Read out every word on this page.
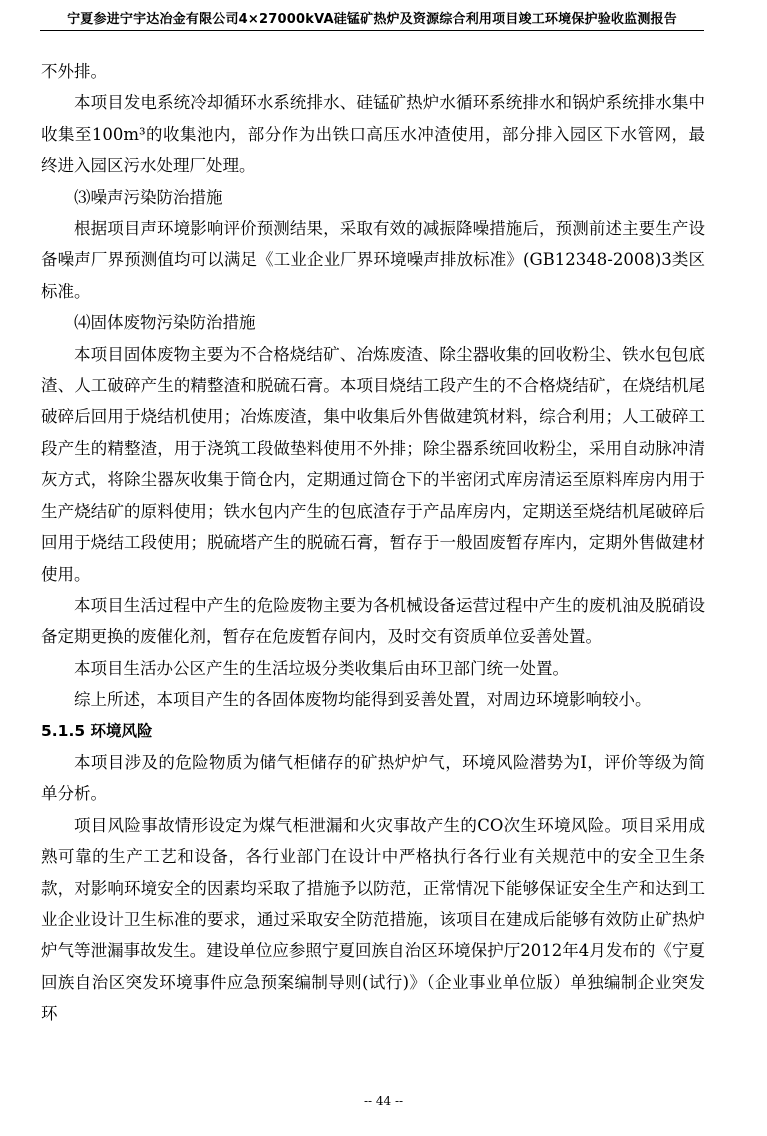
宁夏参进宁宇达冶金有限公司4×27000kVA硅锰矿热炉及资源综合利用项目竣工环境保护验收监测报告

不外排。

本项目发电系统冷却循环水系统排水、硅锰矿热炉水循环系统排水和锅炉系统排水集中收集至100m³的收集池内，部分作为出铁口高压水冲渣使用，部分排入园区下水管网，最终进入园区污水处理厂处理。

⑶噪声污染防治措施

根据项目声环境影响评价预测结果，采取有效的减振降噪措施后，预测前述主要生产设备噪声厂界预测值均可以满足《工业企业厂界环境噪声排放标准》(GB12348-2008)3类区标准。

⑷固体废物污染防治措施

本项目固体废物主要为不合格烧结矿、冶炼废渣、除尘器收集的回收粉尘、铁水包包底渣、人工破碎产生的精整渣和脱硫石膏。本项目烧结工段产生的不合格烧结矿，在烧结机尾破碎后回用于烧结机使用；冶炼废渣，集中收集后外售做建筑材料，综合利用；人工破碎工段产生的精整渣，用于浇筑工段做垫料使用不外排；除尘器系统回收粉尘，采用自动脉冲清灰方式，将除尘器灰收集于筒仓内，定期通过筒仓下的半密闭式库房清运至原料库房内用于生产烧结矿的原料使用；铁水包内产生的包底渣存于产品库房内，定期送至烧结机尾破碎后回用于烧结工段使用；脱硫塔产生的脱硫石膏，暂存于一般固废暂存库内，定期外售做建材使用。

本项目生活过程中产生的危险废物主要为各机械设备运营过程中产生的废机油及脱硝设备定期更换的废催化剂，暂存在危废暂存间内，及时交有资质单位妥善处置。

本项目生活办公区产生的生活垃圾分类收集后由环卫部门统一处置。

综上所述，本项目产生的各固体废物均能得到妥善处置，对周边环境影响较小。

5.1.5 环境风险

本项目涉及的危险物质为储气柜储存的矿热炉炉气，环境风险潜势为I，评价等级为简单分析。

项目风险事故情形设定为煤气柜泄漏和火灾事故产生的CO次生环境风险。项目采用成熟可靠的生产工艺和设备，各行业部门在设计中严格执行各行业有关规范中的安全卫生条款，对影响环境安全的因素均采取了措施予以防范，正常情况下能够保证安全生产和达到工业企业设计卫生标准的要求，通过采取安全防范措施，该项目在建成后能够有效防止矿热炉炉气等泄漏事故发生。建设单位应参照宁夏回族自治区环境保护厅2012年4月发布的《宁夏回族自治区突发环境事件应急预案编制导则(试行)》（企业事业单位版）单独编制企业突发环

-- 44 --
